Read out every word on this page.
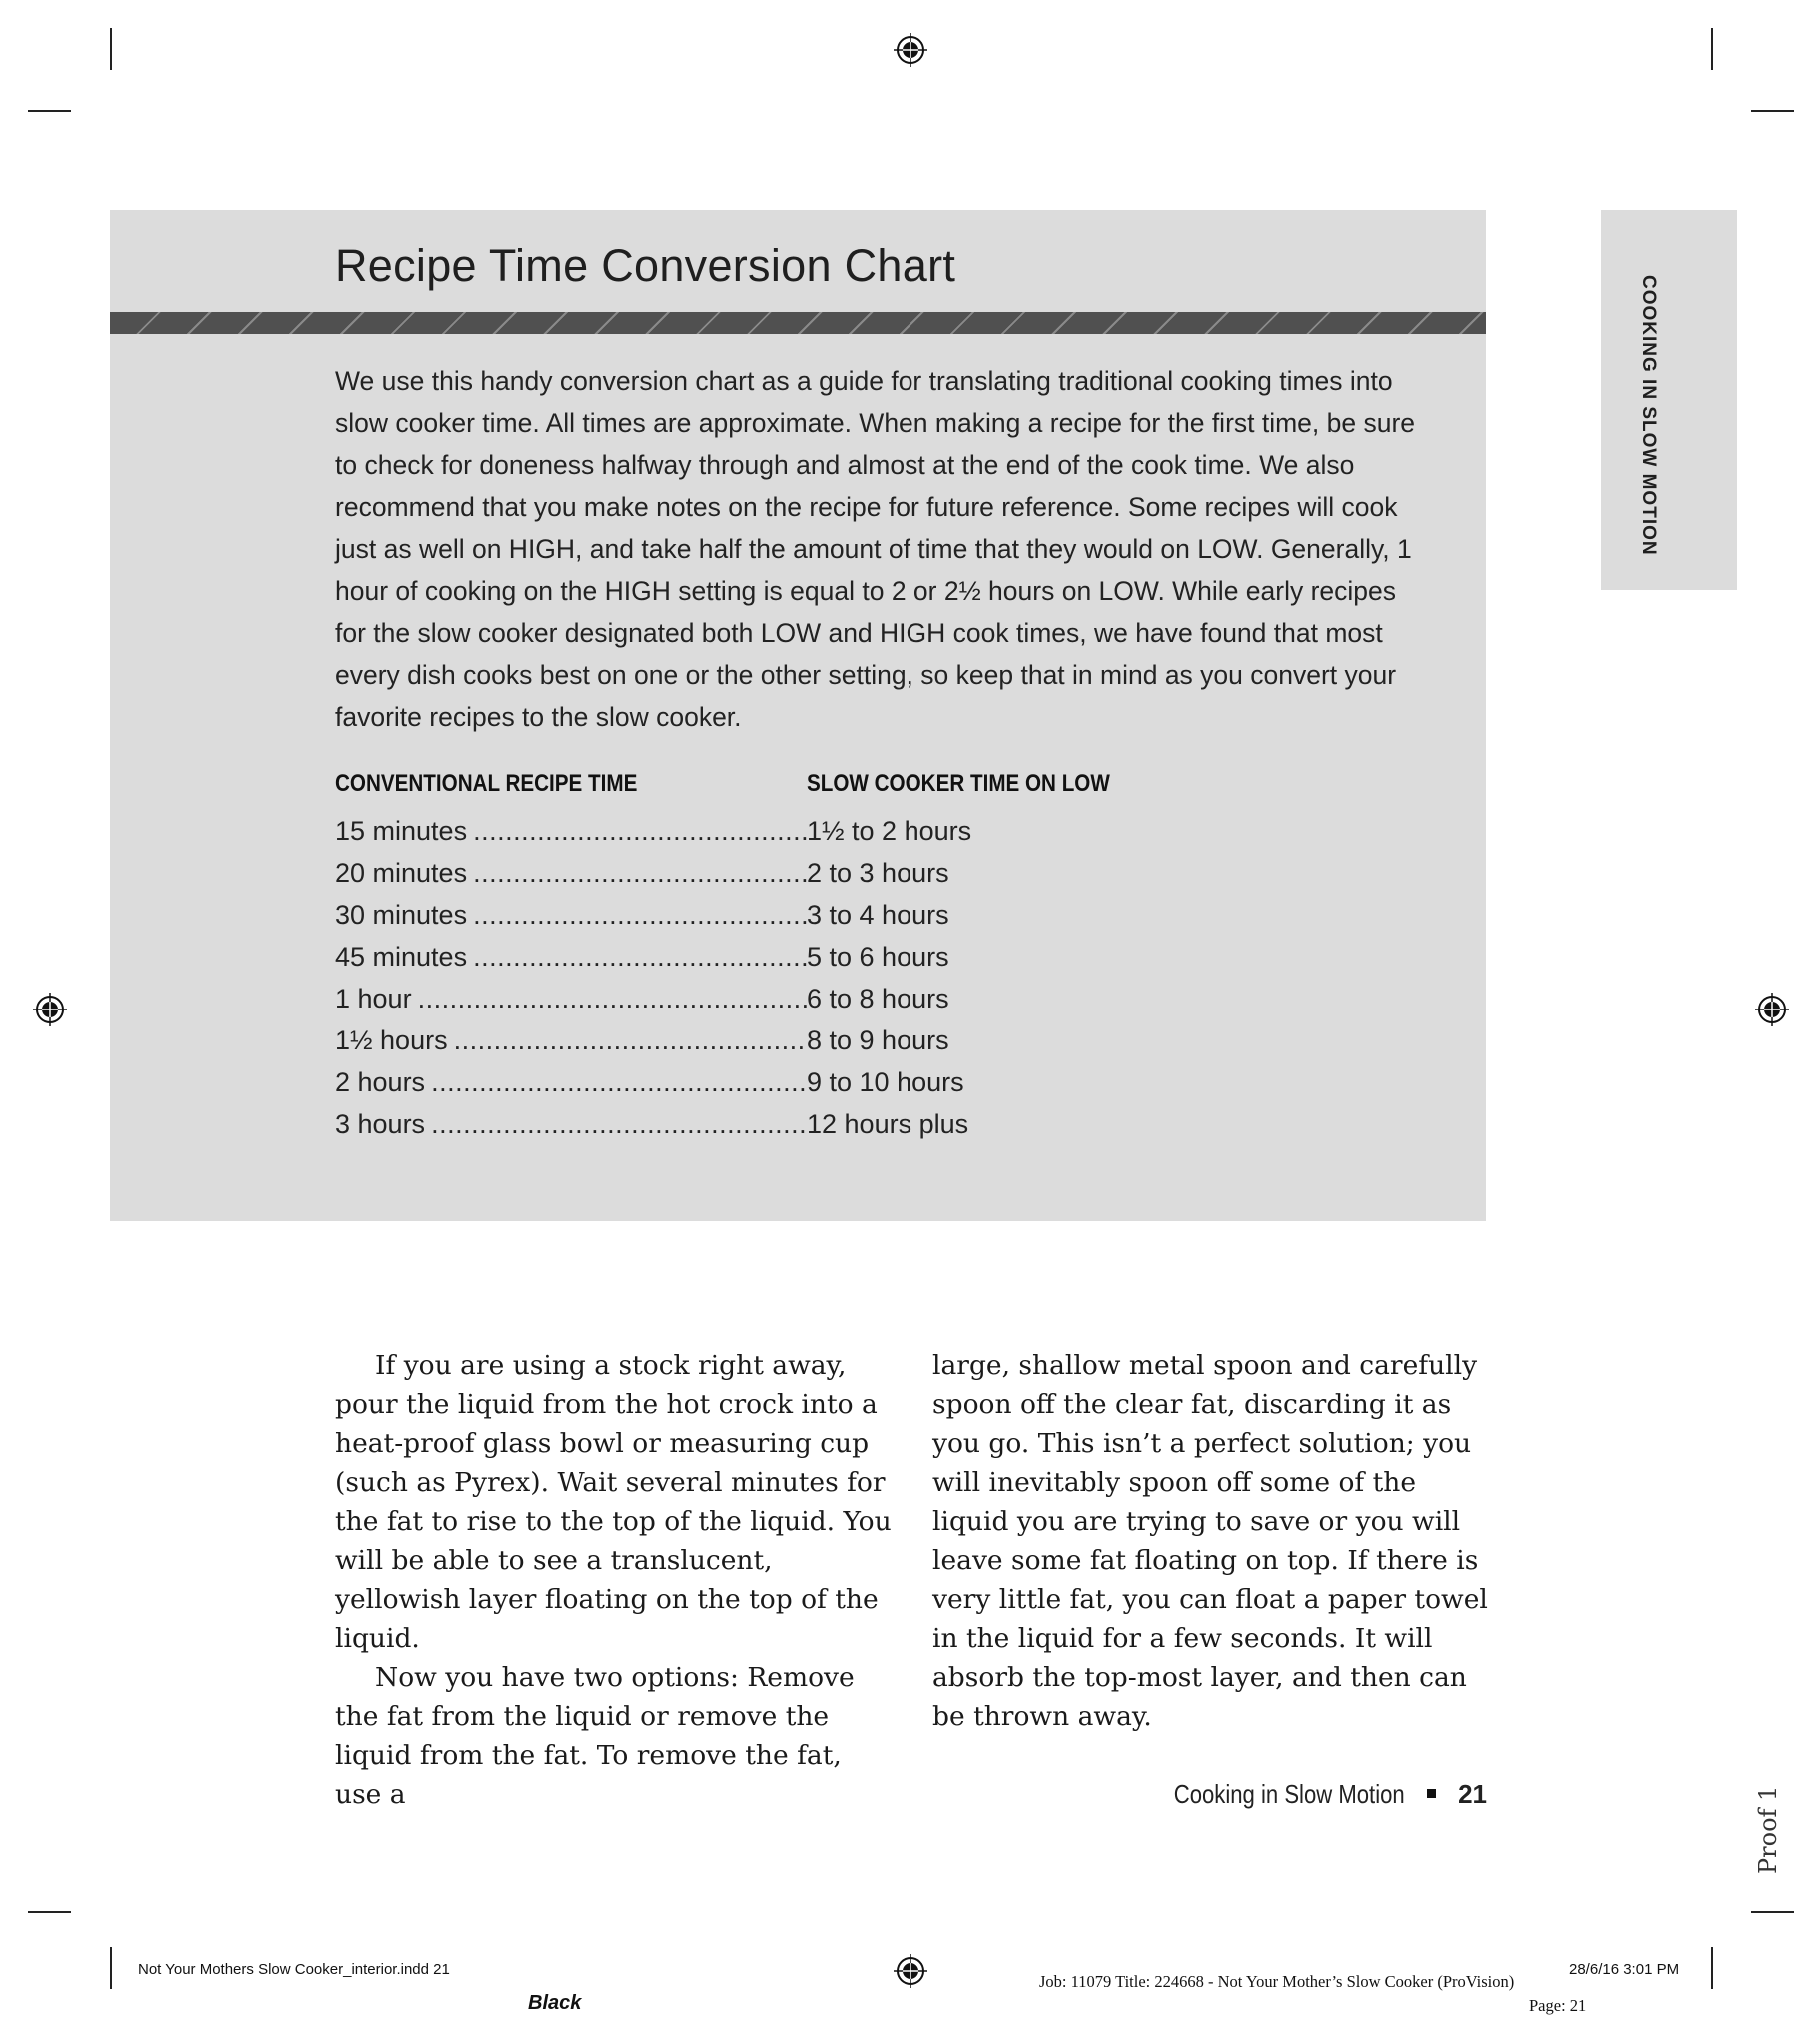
Recipe Time Conversion Chart

We use this handy conversion chart as a guide for translating traditional cooking times into slow cooker time. All times are approximate. When making a recipe for the first time, be sure to check for doneness halfway through and almost at the end of the cook time. We also recommend that you make notes on the recipe for future reference. Some recipes will cook just as well on HIGH, and take half the amount of time that they would on LOW. Generally, 1 hour of cooking on the HIGH setting is equal to 2 or 2½ hours on LOW. While early recipes for the slow cooker designated both LOW and HIGH cook times, we have found that most every dish cooks best on one or the other setting, so keep that in mind as you convert your favorite recipes to the slow cooker.

CONVENTIONAL RECIPE TIME	SLOW COOKER TIME ON LOW
15 minutes .....	1½ to 2 hours
20 minutes .....	2 to 3 hours
30 minutes .....	3 to 4 hours
45 minutes .....	5 to 6 hours
1 hour .....	6 to 8 hours
1½ hours .....	8 to 9 hours
2 hours .....	9 to 10 hours
3 hours .....	12 hours plus
COOKING IN SLOW MOTION

If you are using a stock right away, pour the liquid from the hot crock into a heat-proof glass bowl or measuring cup (such as Pyrex). Wait several minutes for the fat to rise to the top of the liquid. You will be able to see a translucent, yellowish layer floating on the top of the liquid.

Now you have two options: Remove the fat from the liquid or remove the liquid from the fat. To remove the fat, use a

large, shallow metal spoon and carefully spoon off the clear fat, discarding it as you go. This isn’t a perfect solution; you will inevitably spoon off some of the liquid you are trying to save or you will leave some fat floating on top. If there is very little fat, you can float a paper towel in the liquid for a few seconds. It will absorb the top-most layer, and then can be thrown away.

Cooking in Slow Motion 21	Proof 1
Not Your Mothers Slow Cooker_interior.indd 21	28/6/16 3:01 PM
Job: 11079 Title: 224668 - Not Your Mother’s Slow Cooker (ProVision)
Page: 21
Black
